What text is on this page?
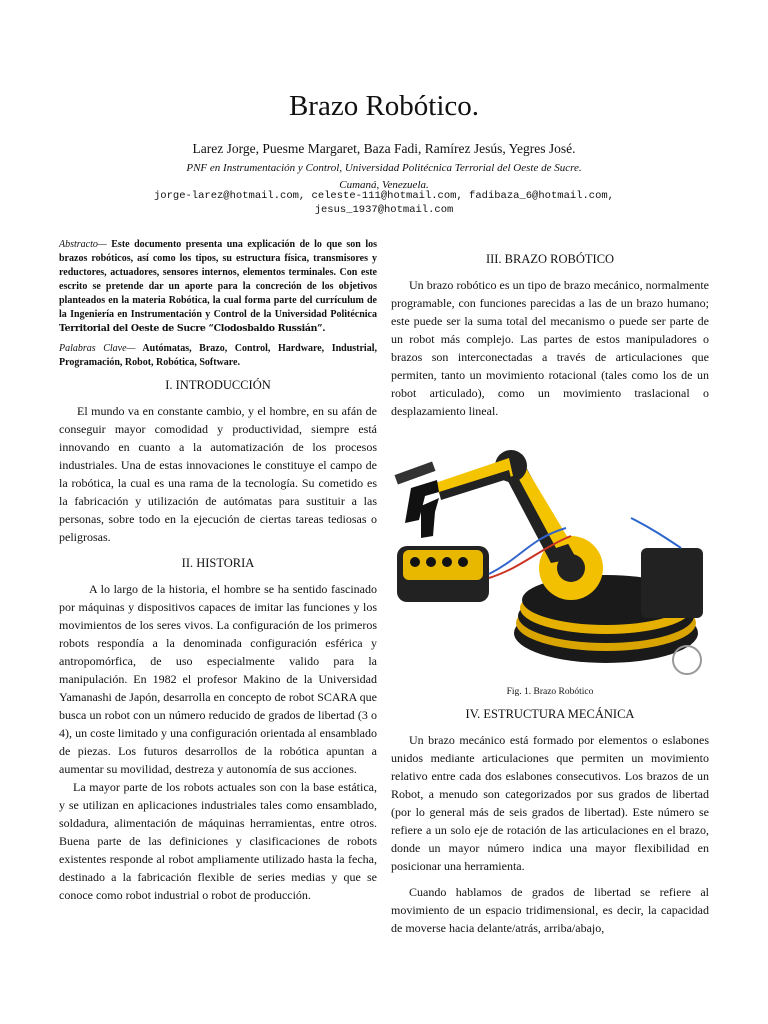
Brazo Robótico.
Larez Jorge, Puesme Margaret, Baza Fadi, Ramírez Jesús, Yegres José.
PNF en Instrumentación y Control, Universidad Politécnica Terrorial del Oeste de Sucre.
Cumaná, Venezuela.
jorge-larez@hotmail.com, celeste-111@hotmail.com, fadibaza_6@hotmail.com,
jesus_1937@hotmail.com

Abstracto— Este documento presenta una explicación de lo que son los brazos robóticos, así como los tipos, su estructura física, transmisores y reductores, actuadores, sensores internos, elementos terminales. Con este escrito se pretende dar un aporte para la concreción de los objetivos planteados en la materia Robótica, la cual forma parte del currículum de la Ingeniería en Instrumentación y Control de la Universidad Politécnica Territorial del Oeste de Sucre “Clodosbaldo Russián”.

Palabras Clave— Autómatas, Brazo, Control, Hardware, Industrial, Programación, Robot, Robótica, Software.

I. INTRODUCCIÓN

El mundo va en constante cambio, y el hombre, en su afán de conseguir mayor comodidad y productividad, siempre está innovando en cuanto a la automatización de los procesos industriales. Una de estas innovaciones le constituye el campo de la robótica, la cual es una rama de la tecnología. Su cometido es la fabricación y utilización de autómatas para sustituir a las personas, sobre todo en la ejecución de ciertas tareas tediosas o peligrosas.

II. HISTORIA

A lo largo de la historia, el hombre se ha sentido fascinado por máquinas y dispositivos capaces de imitar las funciones y los movimientos de los seres vivos. La configuración de los primeros robots respondía a la denominada configuración esférica y antropomórfica, de uso especialmente valido para la manipulación. En 1982 el profesor Makino de la Universidad Yamanashi de Japón, desarrolla en concepto de robot SCARA que busca un robot con un número reducido de grados de libertad (3 o 4), un coste limitado y una configuración orientada al ensamblado de piezas. Los futuros desarrollos de la robótica apuntan a aumentar su movilidad, destreza y autonomía de sus acciones.

La mayor parte de los robots actuales son con la base estática, y se utilizan en aplicaciones industriales tales como ensamblado, soldadura, alimentación de máquinas herramientas, entre otros. Buena parte de las definiciones y clasificaciones de robots existentes responde al robot ampliamente utilizado hasta la fecha, destinado a la fabricación flexible de series medias y que se conoce como robot industrial o robot de producción.

III. BRAZO ROBÓTICO

Un brazo robótico es un tipo de brazo mecánico, normalmente programable, con funciones parecidas a las de un brazo humano; este puede ser la suma total del mecanismo o puede ser parte de un robot más complejo. Las partes de estos manipuladores o brazos son interconectadas a través de articulaciones que permiten, tanto un movimiento rotacional (tales como los de un robot articulado), como un movimiento traslacional o desplazamiento lineal.

Fig. 1. Brazo Robótico
IV. ESTRUCTURA MECÁNICA

Un brazo mecánico está formado por elementos o eslabones unidos mediante articulaciones que permiten un movimiento relativo entre cada dos eslabones consecutivos. Los brazos de un Robot, a menudo son categorizados por sus grados de libertad (por lo general más de seis grados de libertad). Este número se refiere a un solo eje de rotación de las articulaciones en el brazo, donde un mayor número indica una mayor flexibilidad en posicionar una herramienta.

Cuando hablamos de grados de libertad se refiere al movimiento de un espacio tridimensional, es decir, la capacidad de moverse hacia delante/atrás, arriba/abajo,
